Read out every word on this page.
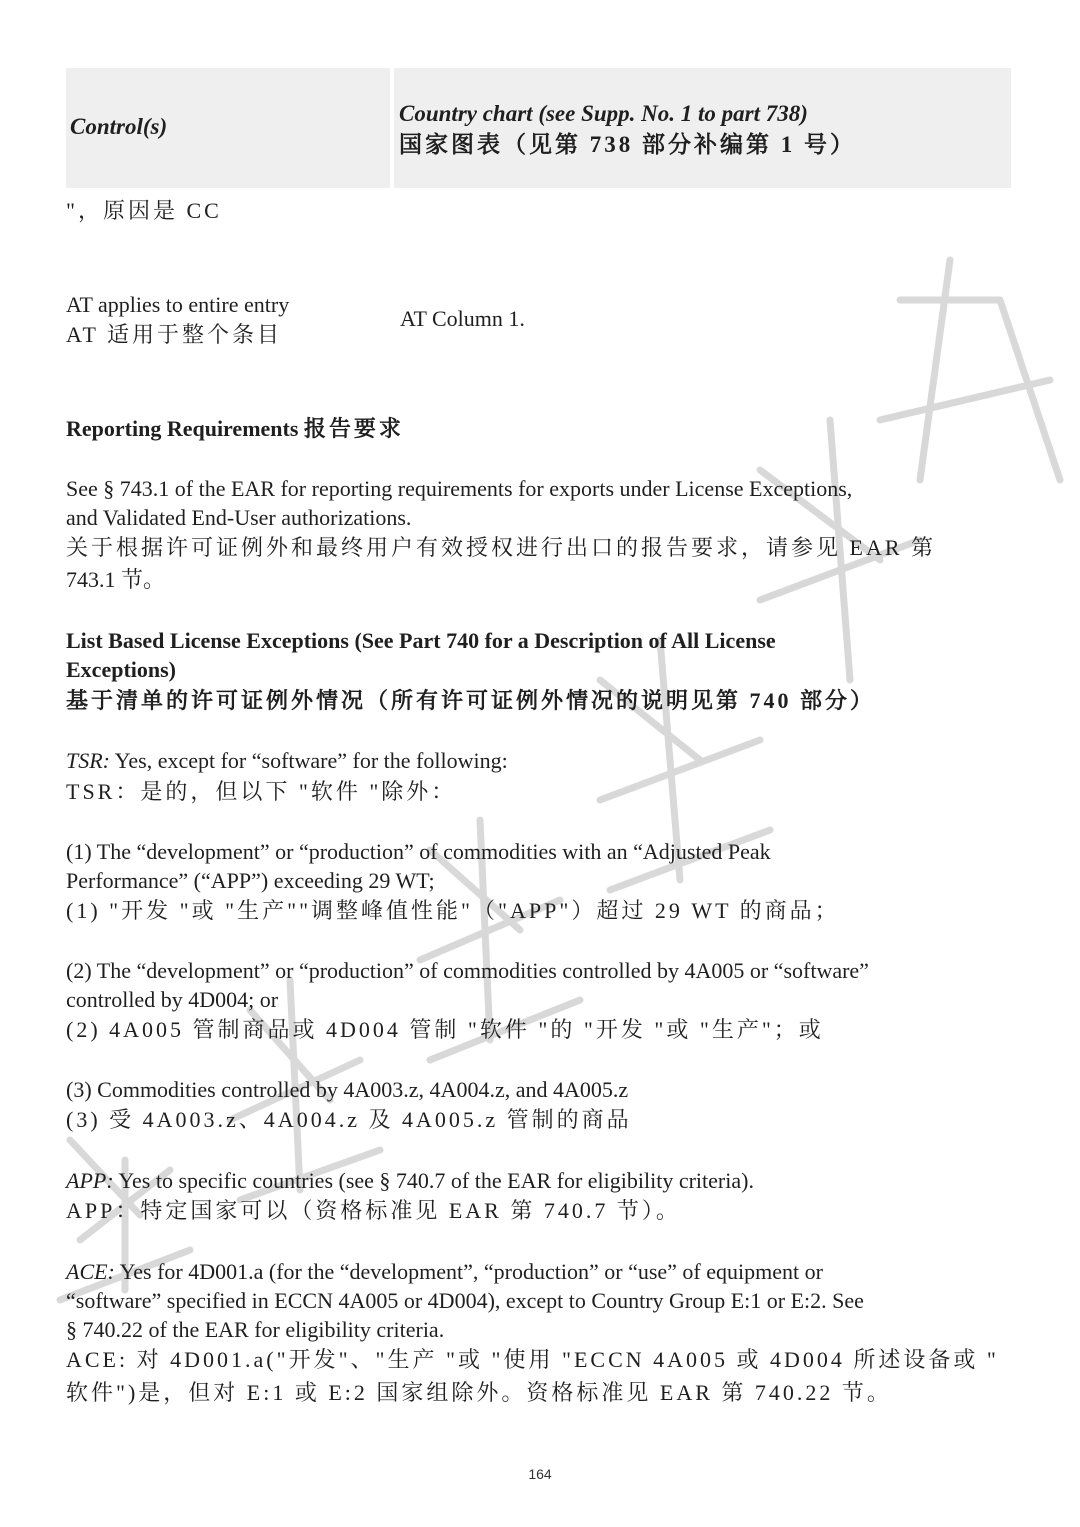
Control(s)
Country chart (see Supp. No. 1 to part 738)
国家图表（见第 738 部分补编第 1 号）
"，原因是 CC
AT applies to entire entry
AT 适用于整个条目
AT Column 1.
Reporting Requirements 报告要求
See § 743.1 of the EAR for reporting requirements for exports under License Exceptions,
and Validated End-User authorizations.
关于根据许可证例外和最终用户有效授权进行出口的报告要求，请参见 EAR 第
743.1 节。
List Based License Exceptions (See Part 740 for a Description of All License
Exceptions)
基于清单的许可证例外情况（所有许可证例外情况的说明见第 740 部分）
TSR: Yes, except for “software” for the following:
TSR：是的，但以下 "软件 "除外：
(1) The “development” or “production” of commodities with an “Adjusted Peak
Performance” (“APP”) exceeding 29 WT;
(1) "开发 "或 "生产""调整峰值性能"（"APP"）超过 29 WT 的商品；
(2) The “development” or “production” of commodities controlled by 4A005 or “software”
controlled by 4D004; or
(2) 4A005 管制商品或 4D004 管制 "软件 "的 "开发 "或 "生产"；或
(3) Commodities controlled by 4A003.z, 4A004.z, and 4A005.z
(3) 受 4A003.z、4A004.z 及 4A005.z 管制的商品
APP: Yes to specific countries (see § 740.7 of the EAR for eligibility criteria).
APP：特定国家可以（资格标准见 EAR 第 740.7 节）。
ACE: Yes for 4D001.a (for the “development”, “production” or “use” of equipment or
“software” specified in ECCN 4A005 or 4D004), except to Country Group E:1 or E:2. See
§ 740.22 of the EAR for eligibility criteria.
ACE: 对 4D001.a("开发"、"生产 "或 "使用 "ECCN 4A005 或 4D004 所述设备或 "
软件")是，但对 E:1 或 E:2 国家组除外。资格标准见 EAR 第 740.22 节。
164
